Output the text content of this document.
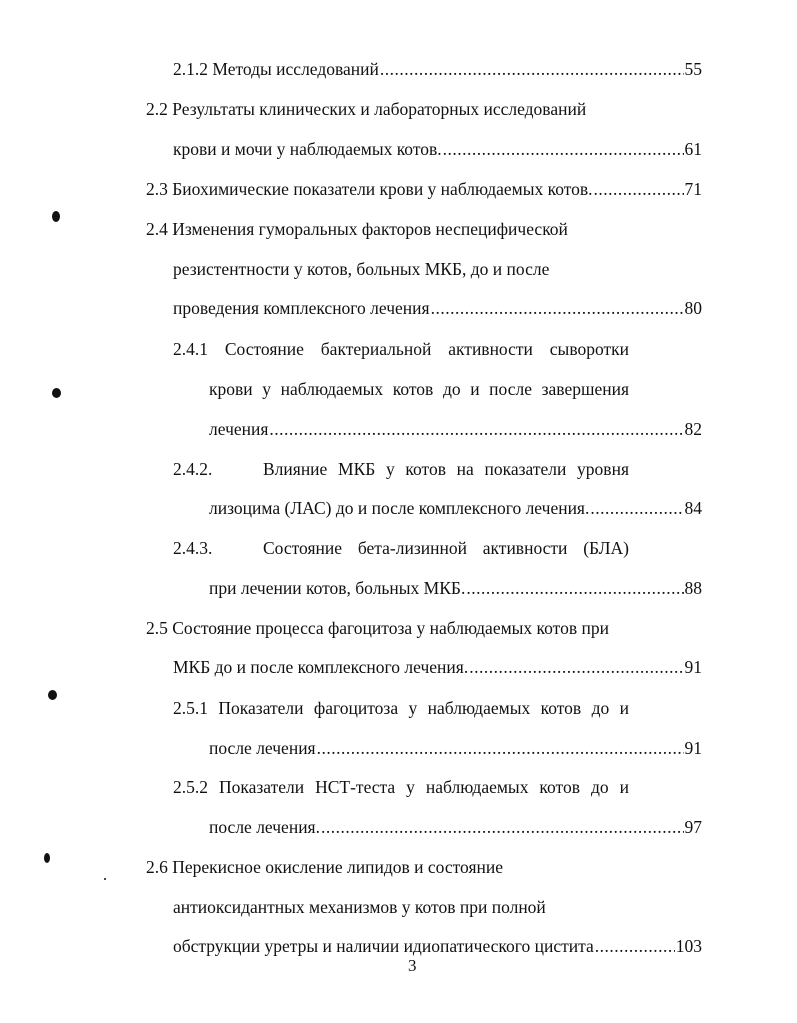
2.1.2 Методы исследований .....	55
2.2 Результаты клинических и лабораторных исследований
крови и мочи у наблюдаемых котов. .....	61
2.3 Биохимические показатели крови у наблюдаемых котов. .....	71
2.4 Изменения гуморальных факторов неспецифической
резистентности у котов, больных МКБ, до и после
проведения комплексного лечения .....	80
2.4.1 Состояние бактериальной активности сыворотки
крови у наблюдаемых котов до и после завершения
лечения .....	82
2.4.2.	Влияние МКБ у котов на показатели уровня
лизоцима (ЛАС) до и после комплексного лечения. .....	84
2.4.3.	Состояние бета-лизинной активности (БЛА)
при лечении котов, больных МКБ. .....	88
2.5 Состояние процесса фагоцитоза у наблюдаемых котов при
МКБ до и после комплексного лечения. .....	91
2.5.1 Показатели фагоцитоза у наблюдаемых котов до и
после лечения .....	91
2.5.2 Показатели НСТ-теста у наблюдаемых котов до и
после лечения. .....	97
2.6 Перекисное окисление липидов и состояние
антиоксидантных механизмов у котов при полной
обструкции уретры и наличии идиопатического цистита .....	103
3
